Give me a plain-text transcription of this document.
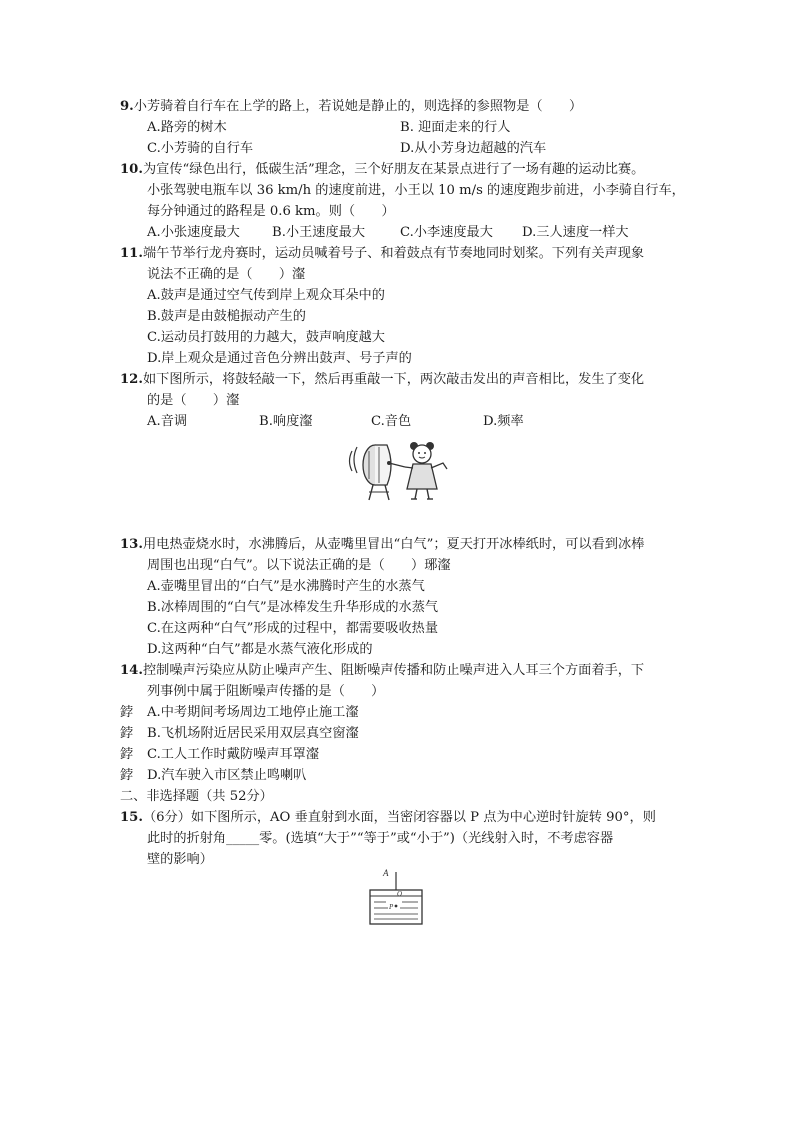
9.小芳骑着自行车在上学的路上，若说她是静止的，则选择的参照物是（　　）
A.路旁的树木	B. 迎面走来的行人
C.小芳骑的自行车	D.从小芳身边超越的汽车
10.为宣传“绿色出行，低碳生活”理念，三个好朋友在某景点进行了一场有趣的运动比赛。
小张驾驶电瓶车以 36 km/h 的速度前进，小王以 10 m/s 的速度跑步前进，小李骑自行车，
每分钟通过的路程是 0.6 km。则（　　）
A.小张速度最大 B.小王速度最大	C.小李速度最大 D.三人速度一样大
11.端午节举行龙舟赛时，运动员喊着号子、和着鼓点有节奏地同时划桨。下列有关声现象
说法不正确的是（　　）瀣
A.鼓声是通过空气传到岸上观众耳朵中的
B.鼓声是由鼓槌振动产生的
C.运动员打鼓用的力越大，鼓声响度越大
D.岸上观众是通过音色分辨出鼓声、号子声的
12.如下图所示，将鼓轻敲一下，然后再重敲一下，两次敲击发出的声音相比，发生了变化
的是（　　）瀣
A.音调	B.响度瀣	C.音色	D.频率
13.用电热壶烧水时，水沸腾后，从壶嘴里冒出“白气”；夏天打开冰棒纸时，可以看到冰棒
周围也出现“白气”。以下说法正确的是（　　）琊瀣
A.壶嘴里冒出的“白气”是水沸腾时产生的水蒸气
B.冰棒周围的“白气”是冰棒发生升华形成的水蒸气
C.在这两种“白气”形成的过程中，都需要吸收热量
D.这两种“白气”都是水蒸气液化形成的
14.控制噪声污染应从防止噪声产生、阻断噪声传播和防止噪声进入人耳三个方面着手，下
列事例中属于阻断噪声传播的是（　　）
鋍 A.中考期间考场周边工地停止施工瀣
鋍 B.飞机场附近居民采用双层真空窗瀣
鋍 C.工人工作时戴防噪声耳罩瀣
鋍 D.汽车驶入市区禁止鸣喇叭
二、非选择题（共 52分）
15.（6分）如下图所示，AO 垂直射到水面，当密闭容器以 P 点为中心逆时针旋转 90°，则
此时的折射角_____零。(选填“大于”“等于”或“小于”)（光线射入时，不考虑容器
壁的影响）
A
O
P
